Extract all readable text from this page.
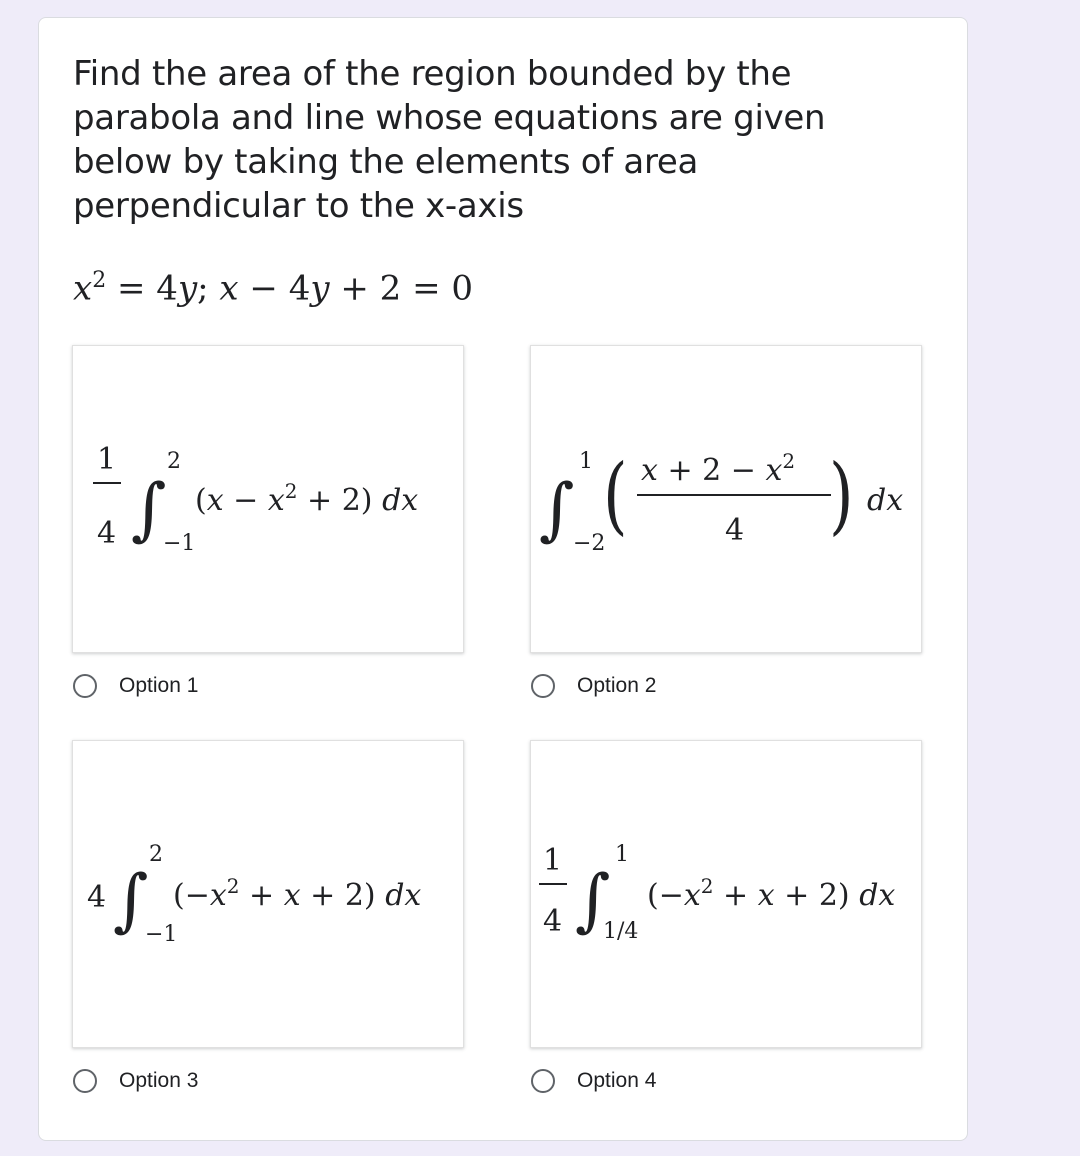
Find the area of the region bounded by the parabola and line whose equations are given below by taking the elements of area perpendicular to the x-axis

$x^2 = 4y$; x − 4y + 2 = 0
1
4 ∫
2
−1
$(x - x^2 + 2)$ dx
Option 1
∫
1
−2
( $x + 2 - x^2$
4 ) dx
Option 2
4 ∫
2
−1
$(-x^2 + x + 2)$ dx
Option 3
1
4 ∫
1
1/4
$(-x^2 + x + 2)$ dx
Option 4
